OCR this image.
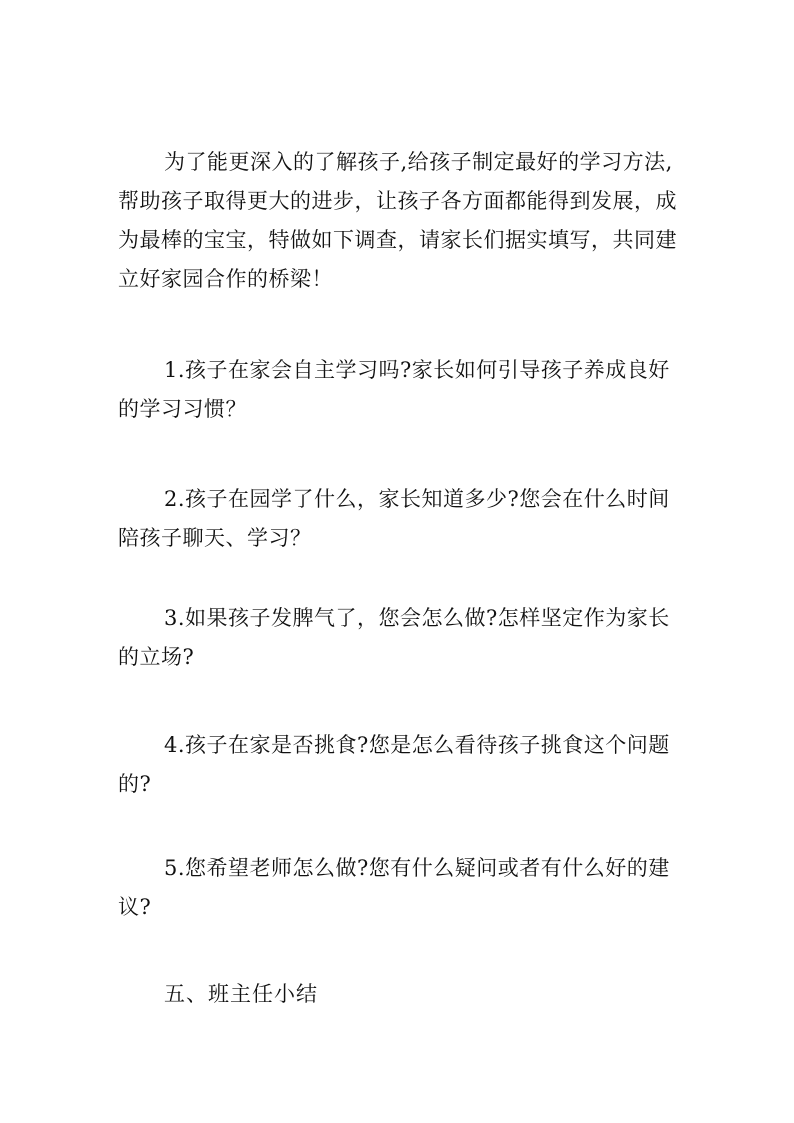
为了能更深入的了解孩子,给孩子制定最好的学习方法,
帮助孩子取得更大的进步，让孩子各方面都能得到发展，成
为最棒的宝宝，特做如下调查，请家长们据实填写，共同建
立好家园合作的桥梁！
1.孩子在家会自主学习吗?家长如何引导孩子养成良好
的学习习惯？
2.孩子在园学了什么，家长知道多少?您会在什么时间
陪孩子聊天、学习？
3.如果孩子发脾气了，您会怎么做?怎样坚定作为家长
的立场?
4.孩子在家是否挑食?您是怎么看待孩子挑食这个问题
的?
5.您希望老师怎么做?您有什么疑问或者有什么好的建
议?
五、班主任小结
